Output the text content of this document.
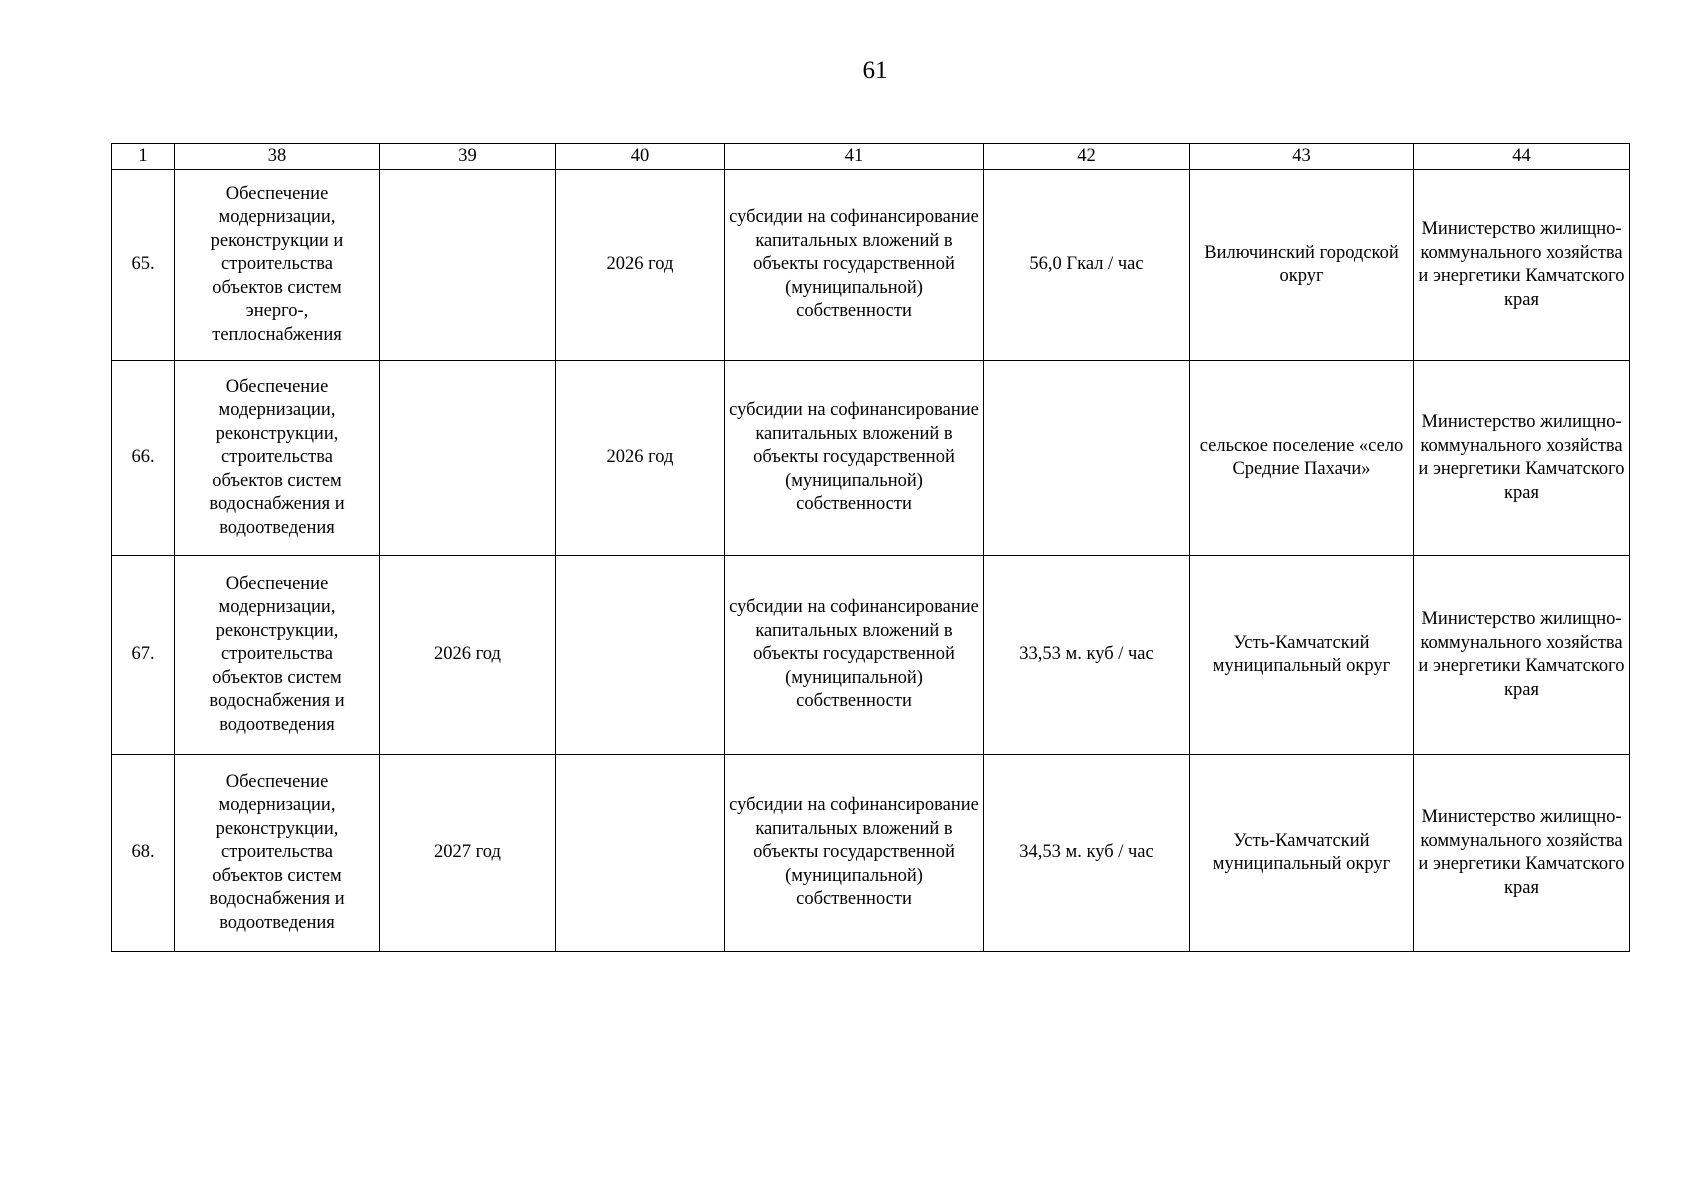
61
1	38	39	40	41	42	43	44
65.	Обеспечение модернизации, реконструкции и строительства объектов систем энерго-, теплоснабжения		2026 год	субсидии на софинансирование капитальных вложений в объекты государственной (муниципальной) собственности	56,0 Гкал / час	Вилючинский городской округ	Министерство жилищно-коммунального хозяйства и энергетики Камчатского края
66.	Обеспечение модернизации, реконструкции, строительства объектов систем водоснабжения и водоотведения		2026 год	субсидии на софинансирование капитальных вложений в объекты государственной (муниципальной) собственности		сельское поселение «село Средние Пахачи»	Министерство жилищно-коммунального хозяйства и энергетики Камчатского края
67.	Обеспечение модернизации, реконструкции, строительства объектов систем водоснабжения и водоотведения	2026 год		субсидии на софинансирование капитальных вложений в объекты государственной (муниципальной) собственности	33,53 м. куб / час	Усть-Камчатский муниципальный округ	Министерство жилищно-коммунального хозяйства и энергетики Камчатского края
68.	Обеспечение модернизации, реконструкции, строительства объектов систем водоснабжения и водоотведения	2027 год		субсидии на софинансирование капитальных вложений в объекты государственной (муниципальной) собственности	34,53 м. куб / час	Усть-Камчатский муниципальный округ	Министерство жилищно-коммунального хозяйства и энергетики Камчатского края
